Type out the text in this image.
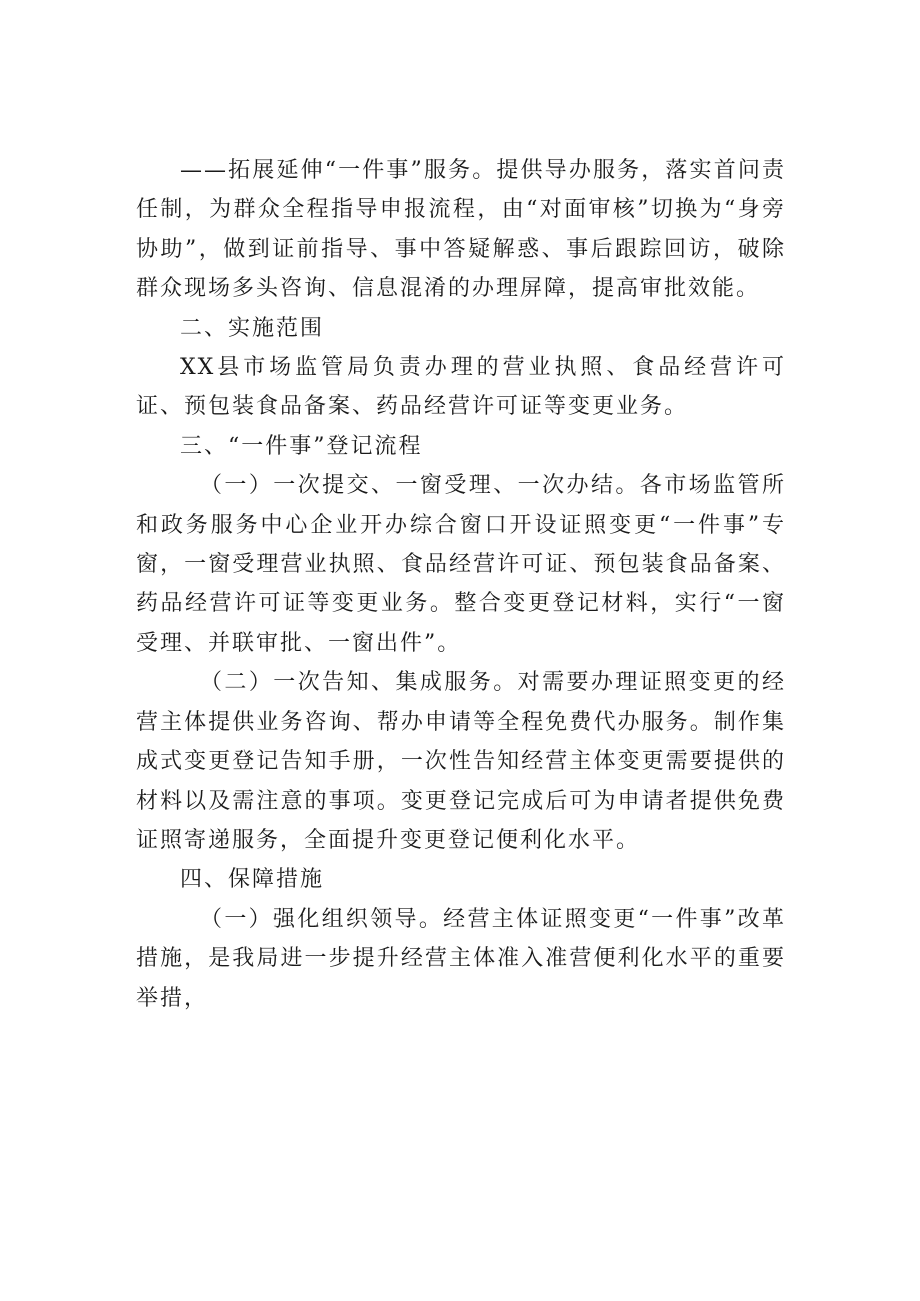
——拓展延伸“一件事”服务。提供导办服务，落实首问责任制，为群众全程指导申报流程，由“对面审核”切换为“身旁协助”，做到证前指导、事中答疑解惑、事后跟踪回访，破除群众现场多头咨询、信息混淆的办理屏障，提高审批效能。

二、实施范围

XX县市场监管局负责办理的营业执照、食品经营许可证、预包装食品备案、药品经营许可证等变更业务。

三、“一件事”登记流程

（一）一次提交、一窗受理、一次办结。各市场监管所和政务服务中心企业开办综合窗口开设证照变更“一件事”专窗，一窗受理营业执照、食品经营许可证、预包装食品备案、药品经营许可证等变更业务。整合变更登记材料，实行“一窗受理、并联审批、一窗出件”。

（二）一次告知、集成服务。对需要办理证照变更的经营主体提供业务咨询、帮办申请等全程免费代办服务。制作集成式变更登记告知手册，一次性告知经营主体变更需要提供的材料以及需注意的事项。变更登记完成后可为申请者提供免费证照寄递服务，全面提升变更登记便利化水平。

四、保障措施

（一）强化组织领导。经营主体证照变更“一件事”改革措施，是我局进一步提升经营主体准入准营便利化水平的重要举措，
